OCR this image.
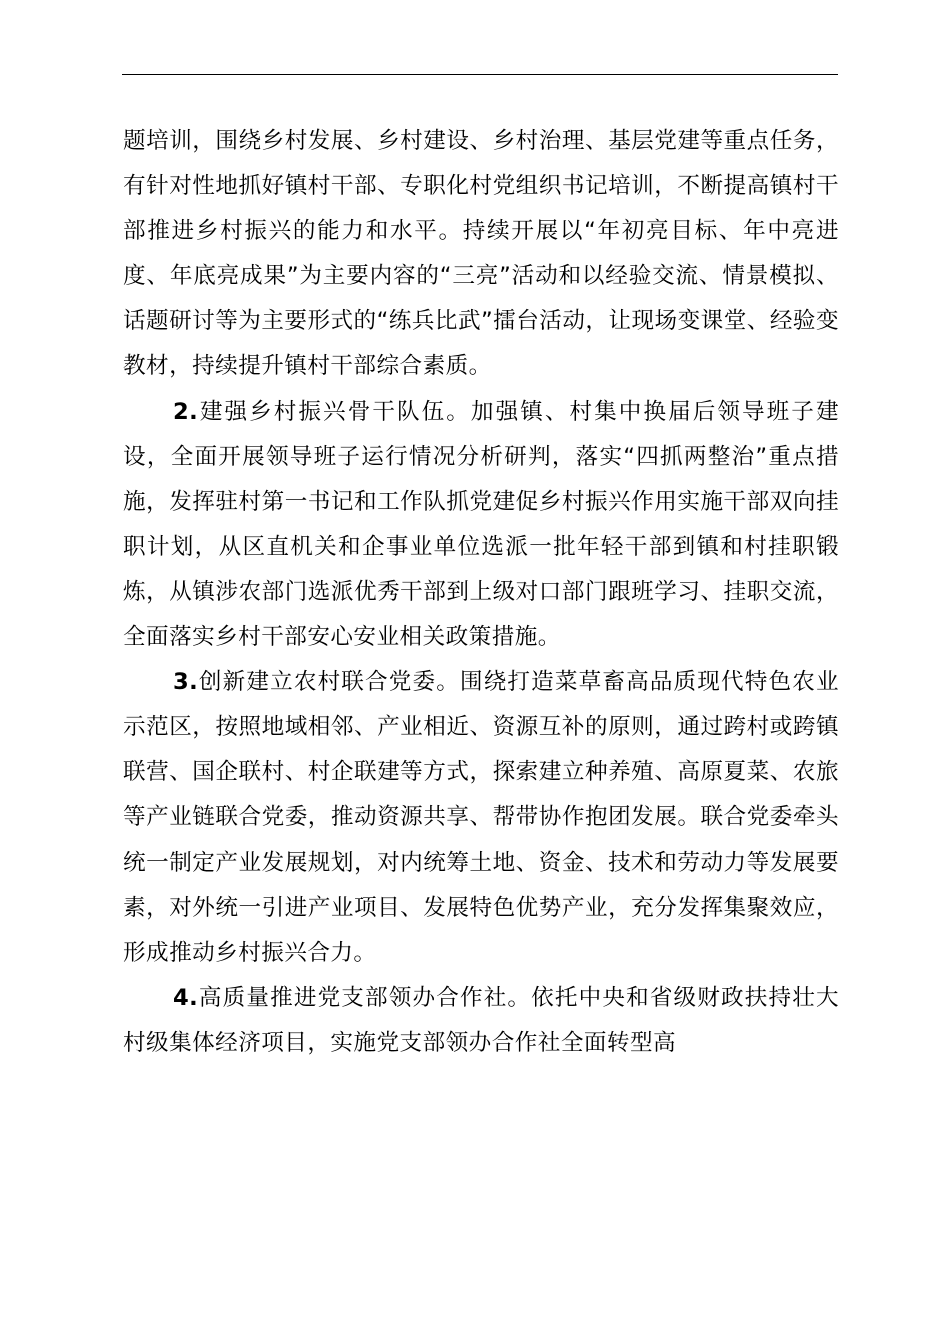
题培训，围绕乡村发展、乡村建设、乡村治理、基层党建等重点任务，有针对性地抓好镇村干部、专职化村党组织书记培训，不断提高镇村干部推进乡村振兴的能力和水平。持续开展以“年初亮目标、年中亮进度、年底亮成果”为主要内容的“三亮”活动和以经验交流、情景模拟、话题研讨等为主要形式的“练兵比武”擂台活动，让现场变课堂、经验变教材，持续提升镇村干部综合素质。

2.建强乡村振兴骨干队伍。加强镇、村集中换届后领导班子建设，全面开展领导班子运行情况分析研判，落实“四抓两整治”重点措施，发挥驻村第一书记和工作队抓党建促乡村振兴作用实施干部双向挂职计划，从区直机关和企事业单位选派一批年轻干部到镇和村挂职锻炼，从镇涉农部门选派优秀干部到上级对口部门跟班学习、挂职交流，全面落实乡村干部安心安业相关政策措施。

3.创新建立农村联合党委。围绕打造菜草畜高品质现代特色农业示范区，按照地域相邻、产业相近、资源互补的原则，通过跨村或跨镇联营、国企联村、村企联建等方式，探索建立种养殖、高原夏菜、农旅等产业链联合党委，推动资源共享、帮带协作抱团发展。联合党委牵头统一制定产业发展规划，对内统筹土地、资金、技术和劳动力等发展要素，对外统一引进产业项目、发展特色优势产业，充分发挥集聚效应，形成推动乡村振兴合力。

4.高质量推进党支部领办合作社。依托中央和省级财政扶持壮大村级集体经济项目，实施党支部领办合作社全面转型高
